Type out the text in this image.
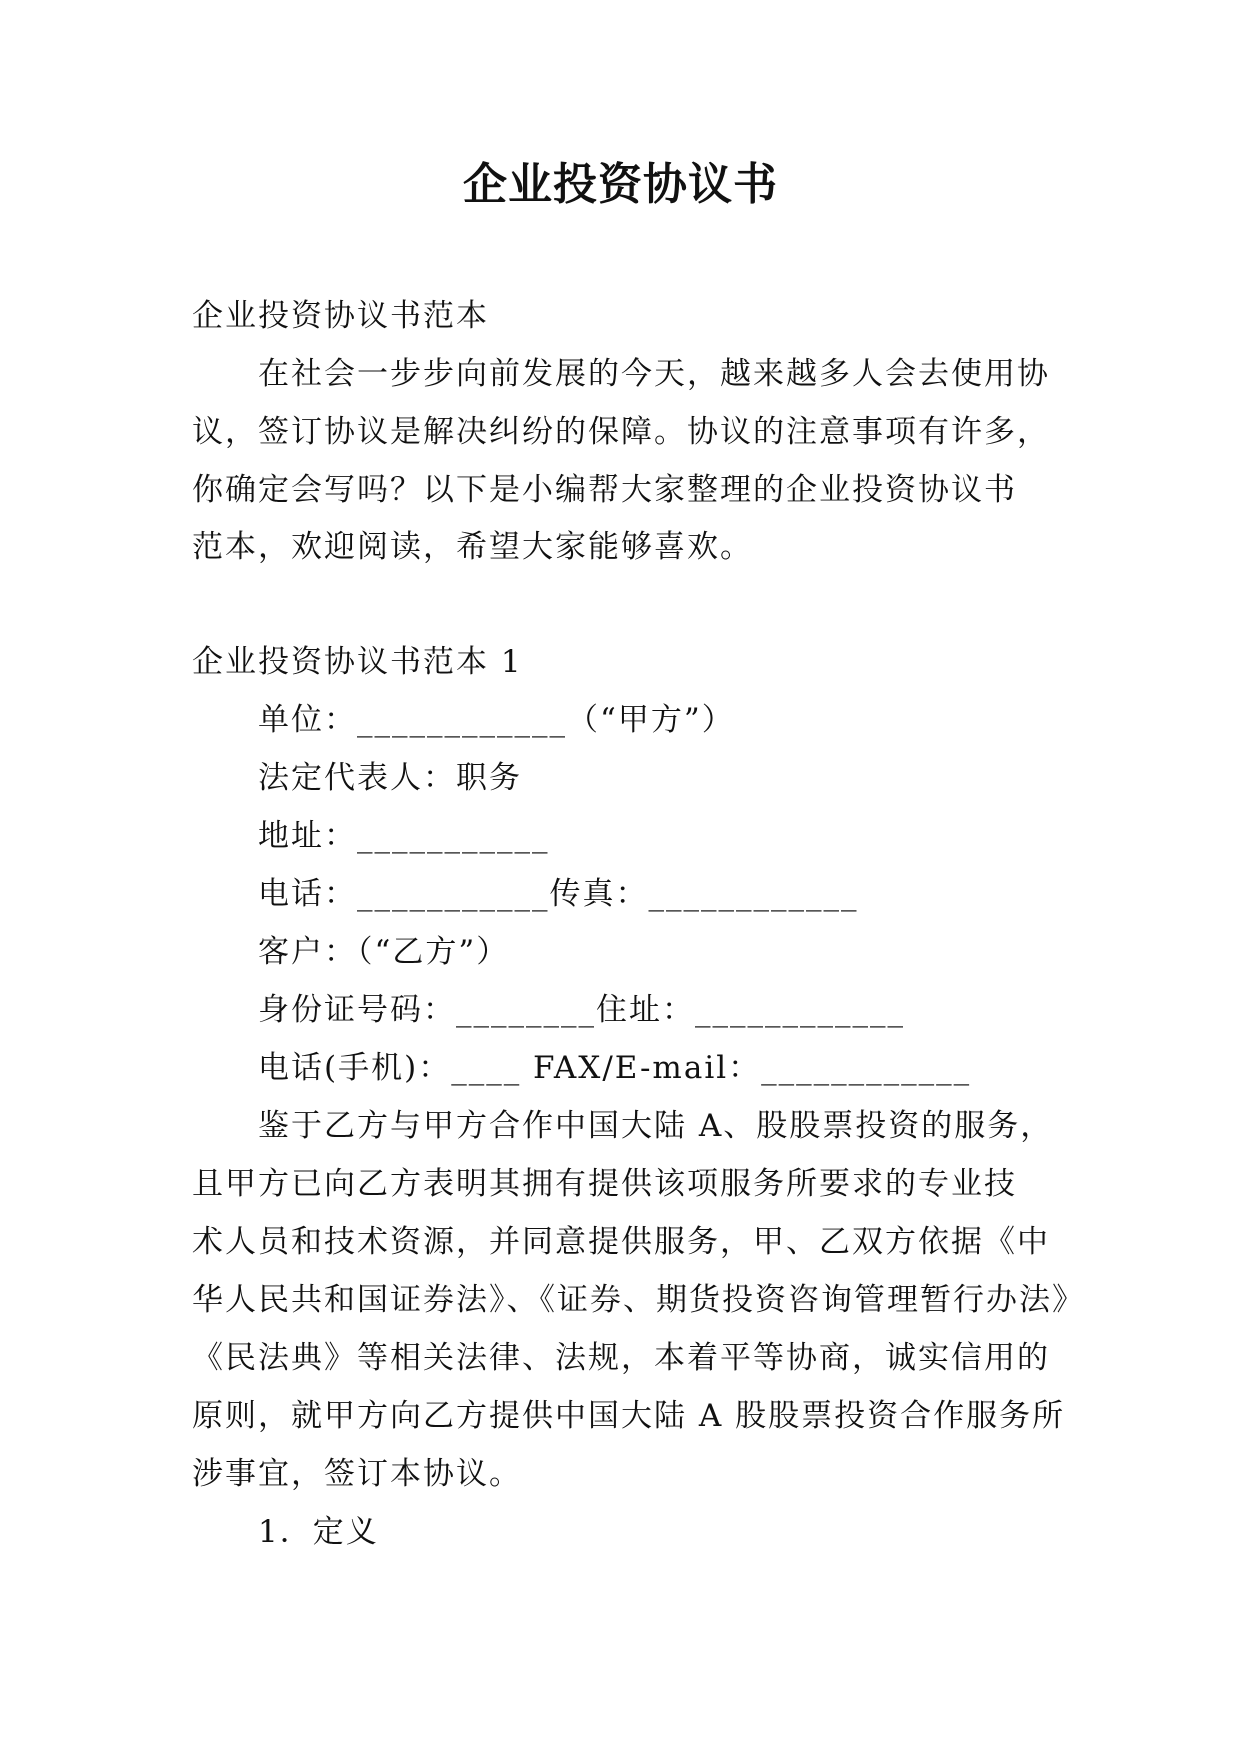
企业投资协议书
企业投资协议书范本
在社会一步步向前发展的今天，越来越多人会去使用协
议，签订协议是解决纠纷的保障。协议的注意事项有许多，
你确定会写吗？以下是小编帮大家整理的企业投资协议书
范本，欢迎阅读，希望大家能够喜欢。
企业投资协议书范本 1
单位：____________（“甲方”）
法定代表人：职务
地址：___________
电话：___________传真：____________
客户：（“乙方”）
身份证号码：________住址：____________
电话(手机)：____ FAX/E-mail：____________
鉴于乙方与甲方合作中国大陆 A、股股票投资的服务，
且甲方已向乙方表明其拥有提供该项服务所要求的专业技
术人员和技术资源，并同意提供服务，甲、乙双方依据《中
华人民共和国证券法》、《证券、期货投资咨询管理暂行办法》
《民法典》等相关法律、法规，本着平等协商，诚实信用的
原则，就甲方向乙方提供中国大陆 A 股股票投资合作服务所
涉事宜，签订本协议。
1．定义
